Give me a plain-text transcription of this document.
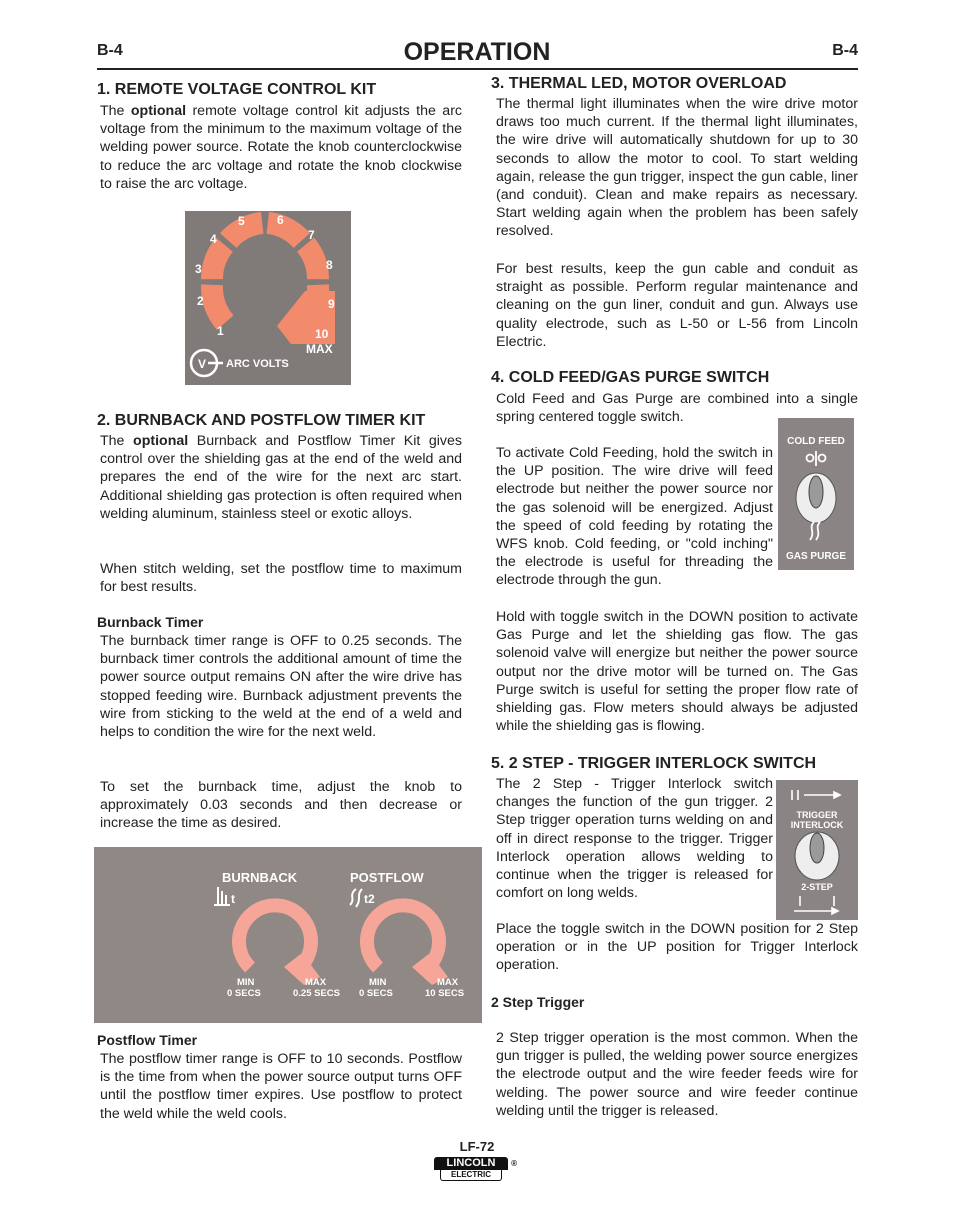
B-4	OPERATION	B-4
1. REMOTE VOLTAGE CONTROL KIT

The optional remote voltage control kit adjusts the arc voltage from the minimum to the maximum voltage of the welding power source. Rotate the knob counterclockwise to reduce the arc voltage and rotate the knob clockwise to raise the arc voltage.

1
2
3
4
5	6
7
8
9
10
MAX
V ARC VOLTS
2. BURNBACK AND POSTFLOW TIMER KIT

The optional Burnback and Postflow Timer Kit gives control over the shielding gas at the end of the weld and prepares the end of the wire for the next arc start. Additional shielding gas protection is often required when welding aluminum, stainless steel or exotic alloys.

When stitch welding, set the postflow time to maximum for best results.

Burnback Timer

The burnback timer range is OFF to 0.25 seconds. The burnback timer controls the additional amount of time the power source output remains ON after the wire drive has stopped feeding wire. Burnback adjustment prevents the wire from sticking to the weld at the end of a weld and helps to condition the wire for the next weld.

To set the burnback time, adjust the knob to approximately 0.03 seconds and then decrease or increase the time as desired.

BURNBACK	POSTFLOW
t	t2
MIN
0 SECS
MAX
0.25 SECS
MIN
0 SECS
MAX
10 SECS
Postflow Timer

The postflow timer range is OFF to 10 seconds. Postflow is the time from when the power source output turns OFF until the postflow timer expires. Use postflow to protect the weld while the weld cools.

3. THERMAL LED, MOTOR OVERLOAD

The thermal light illuminates when the wire drive motor draws too much current. If the thermal light illuminates, the wire drive will automatically shutdown for up to 30 seconds to allow the motor to cool. To start welding again, release the gun trigger, inspect the gun cable, liner (and conduit). Clean and make repairs as necessary. Start welding again when the problem has been safely resolved.

For best results, keep the gun cable and conduit as straight as possible. Perform regular maintenance and cleaning on the gun liner, conduit and gun. Always use quality electrode, such as L-50 or L-56 from Lincoln Electric.

4. COLD FEED/GAS PURGE SWITCH

Cold Feed and Gas Purge are combined into a single spring centered toggle switch.

COLD FEED
GAS PURGE

To activate Cold Feeding, hold the switch in the UP position. The wire drive will feed electrode but neither the power source nor the gas solenoid will be energized. Adjust the speed of cold feeding by rotating the WFS knob. Cold feeding, or "cold inching" the electrode is useful for threading the electrode through the gun.

Hold with toggle switch in the DOWN position to activate Gas Purge and let the shielding gas flow. The gas solenoid valve will energize but neither the power source output nor the drive motor will be turned on. The Gas Purge switch is useful for setting the proper flow rate of shielding gas. Flow meters should always be adjusted while the shielding gas is flowing.

5. 2 STEP - TRIGGER INTERLOCK SWITCH
TRIGGER
INTERLOCK
2-STEP

The 2 Step - Trigger Interlock switch changes the function of the gun trigger. 2 Step trigger operation turns welding on and off in direct response to the trigger. Trigger Interlock operation allows welding to continue when the trigger is released for comfort on long welds.

Place the toggle switch in the DOWN position for 2 Step operation or in the UP position for Trigger Interlock operation.

2 Step Trigger

2 Step trigger operation is the most common. When the gun trigger is pulled, the welding power source energizes the electrode output and the wire feeder feeds wire for welding. The power source and wire feeder continue welding until the trigger is released.

LF-72
LINCOLN ®
ELECTRIC
